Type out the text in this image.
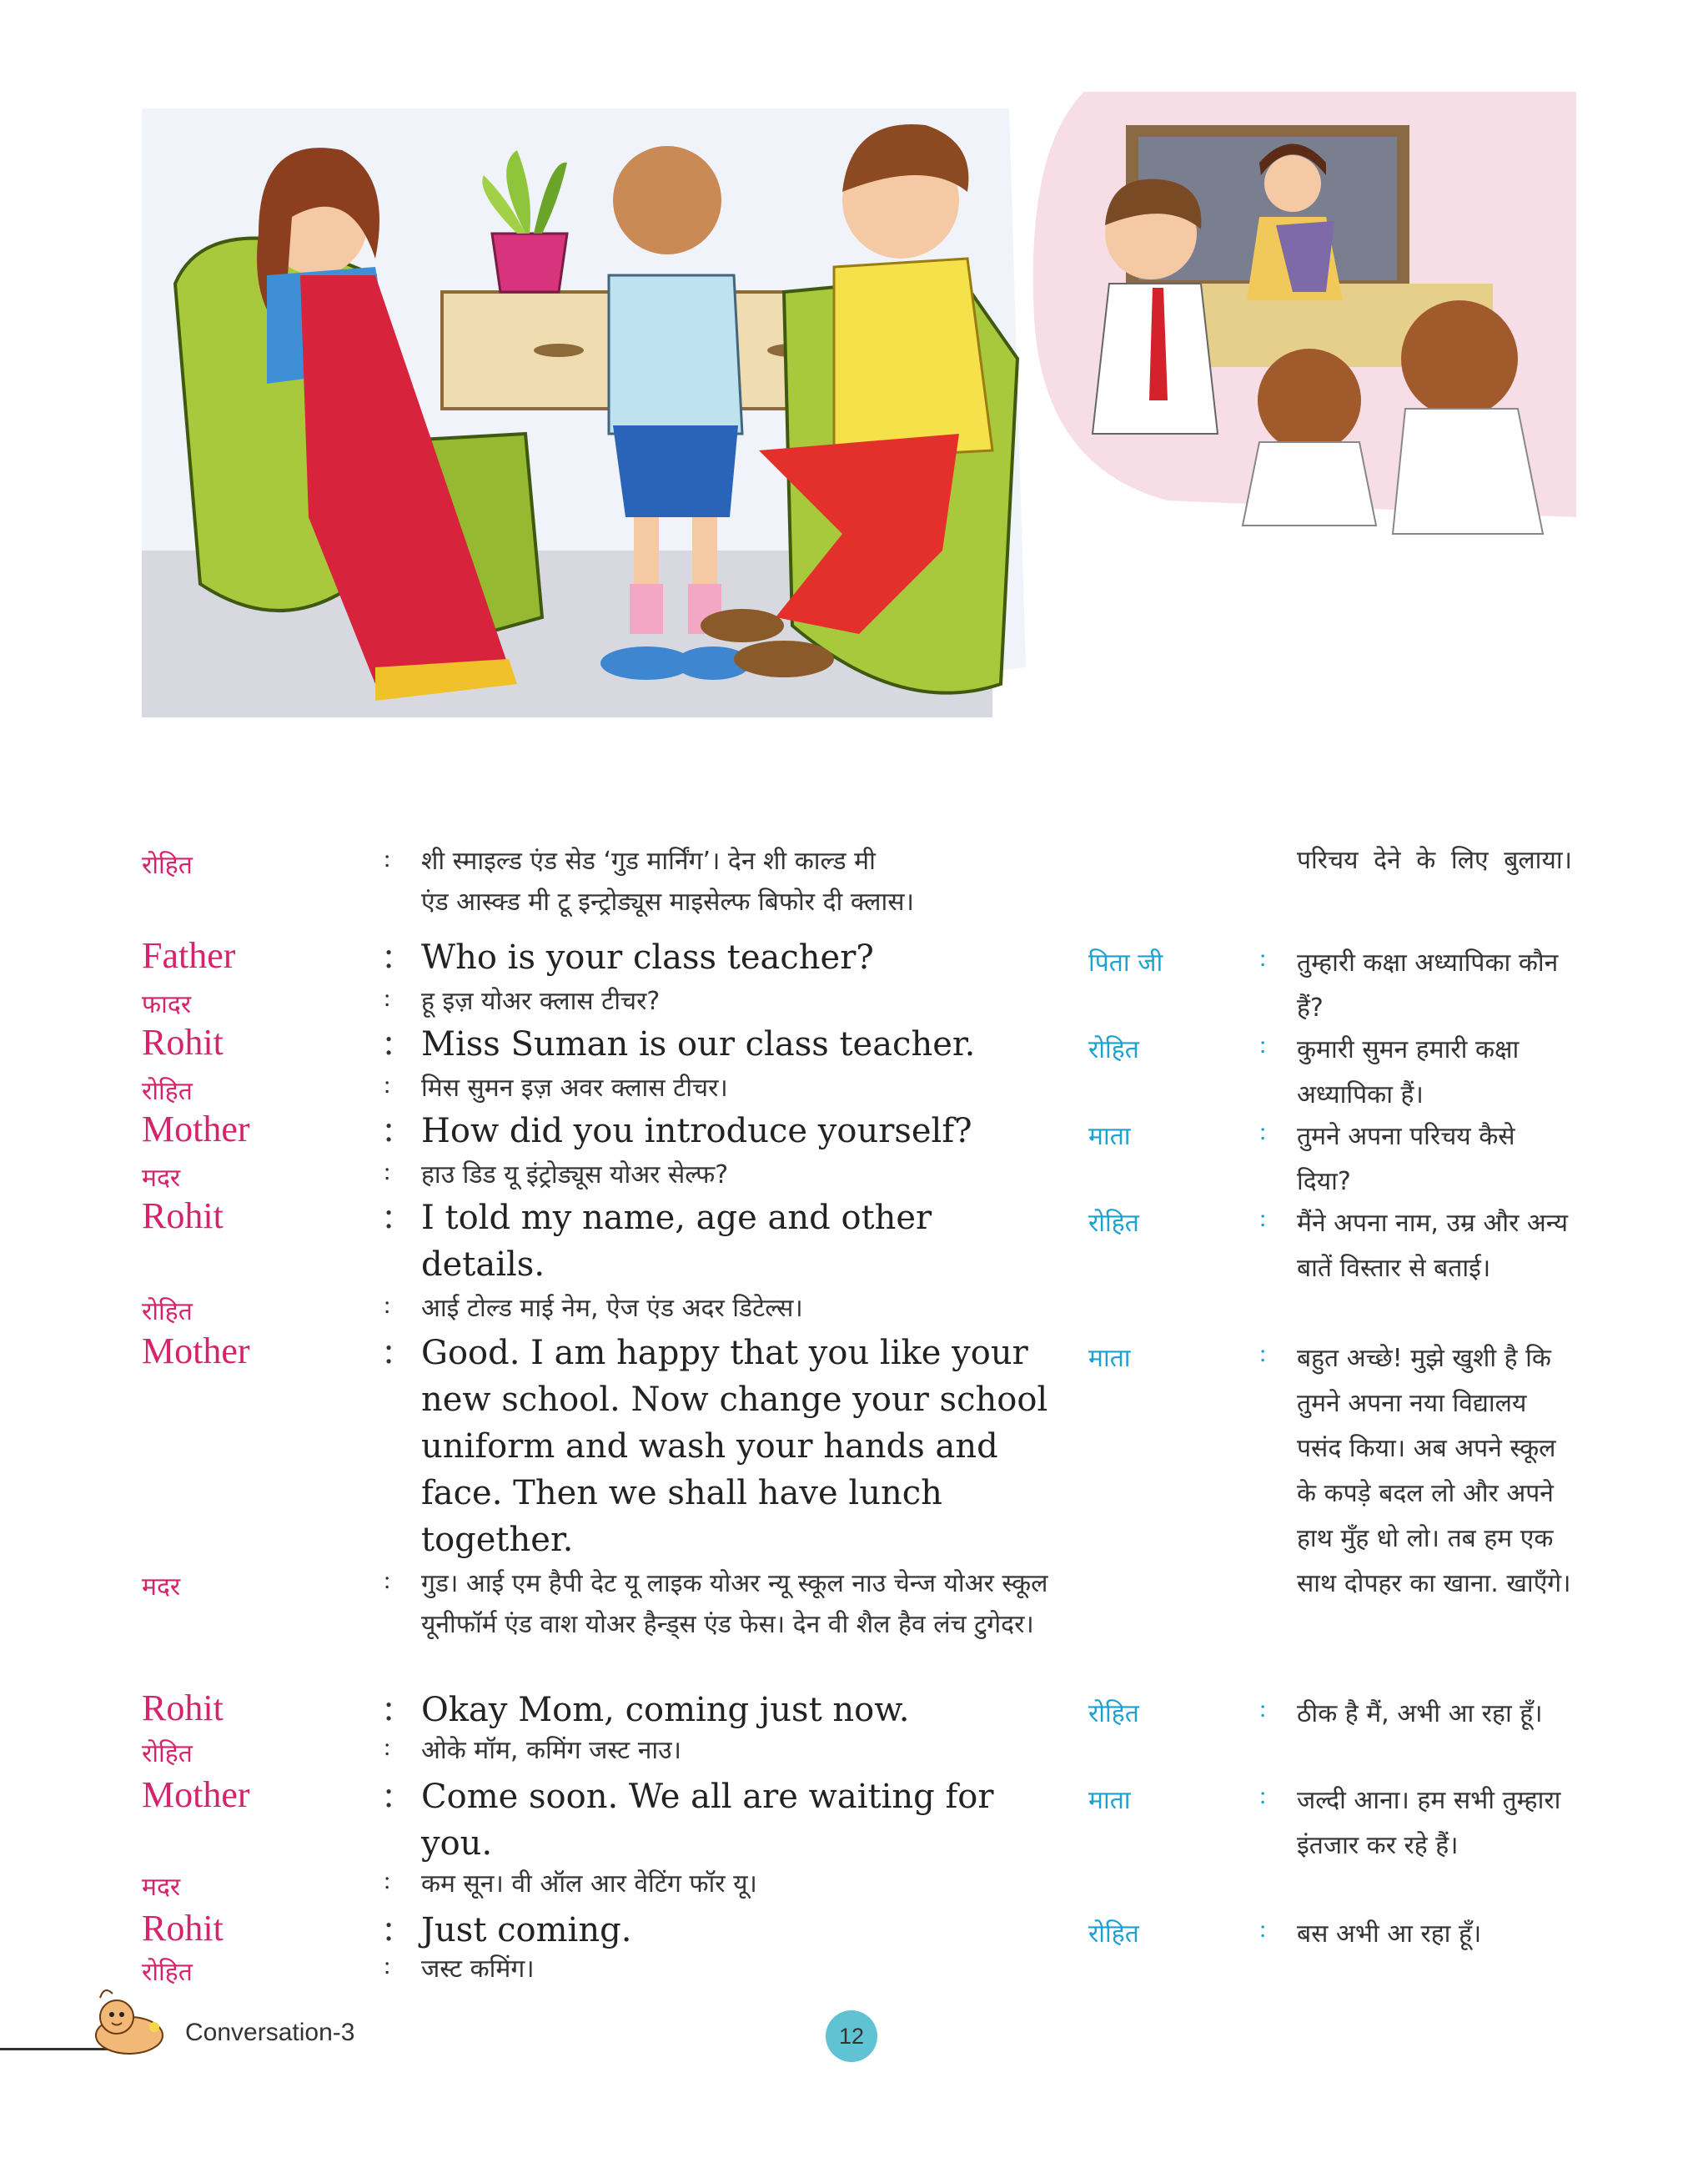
रोहित	: शी स्माइल्ड एंड सेड ‘गुड मार्निंग’। देन शी काल्ड मी
एंड आस्क्ड मी टू इन्ट्रोड्यूस माइसेल्फ बिफोर दी क्लास।
परिचय देने के लिए बुलाया।
Father	: Who is your class teacher?
फादर	: हू इज़ योअर क्लास टीचर?
पिता जी	: तुम्हारी कक्षा अध्यापिका कौन हैं?
Rohit	: Miss Suman is our class teacher.
रोहित	: मिस सुमन इज़ अवर क्लास टीचर।
रोहित	: कुमारी सुमन हमारी कक्षा अध्यापिका हैं।
Mother	: How did you introduce yourself?
मदर	: हाउ डिड यू इंट्रोड्यूस योअर सेल्फ?
माता	: तुमने अपना परिचय कैसे दिया?
Rohit	: I told my name, age and other details.
रोहित	: आई टोल्ड माई नेम, ऐज एंड अदर डिटेल्स।
रोहित	: मैंने अपना नाम, उम्र और अन्य बातें विस्तार से बताई।
Mother	: Good. I am happy that you like your new school. Now change your school uniform and wash your hands and face. Then we shall have lunch together.
मदर	: गुड। आई एम हैपी देट यू लाइक योअर न्यू स्कूल नाउ चेन्ज योअर स्कूल यूनीफॉर्म एंड वाश योअर हैन्ड्स एंड फेस। देन वी शैल हैव लंच टुगेदर।
माता	: बहुत अच्छे! मुझे खुशी है कि तुमने अपना नया विद्यालय पसंद किया। अब अपने स्कूल के कपड़े बदल लो और अपने हाथ मुँह धो लो। तब हम एक साथ दोपहर का खाना. खाएँगे।
Rohit	: Okay Mom, coming just now.
रोहित	: ओके मॉम, कमिंग जस्ट नाउ।
रोहित	: ठीक है मैं, अभी आ रहा हूँ।
Mother	: Come soon. We all are waiting for you.
मदर	: कम सून। वी ऑल आर वेटिंग फॉर यू।
माता	: जल्दी आना। हम सभी तुम्हारा इंतजार कर रहे हैं।
Rohit	: Just coming.
रोहित	: जस्ट कमिंग।
रोहित	: बस अभी आ रहा हूँ।
Conversation-3	12
